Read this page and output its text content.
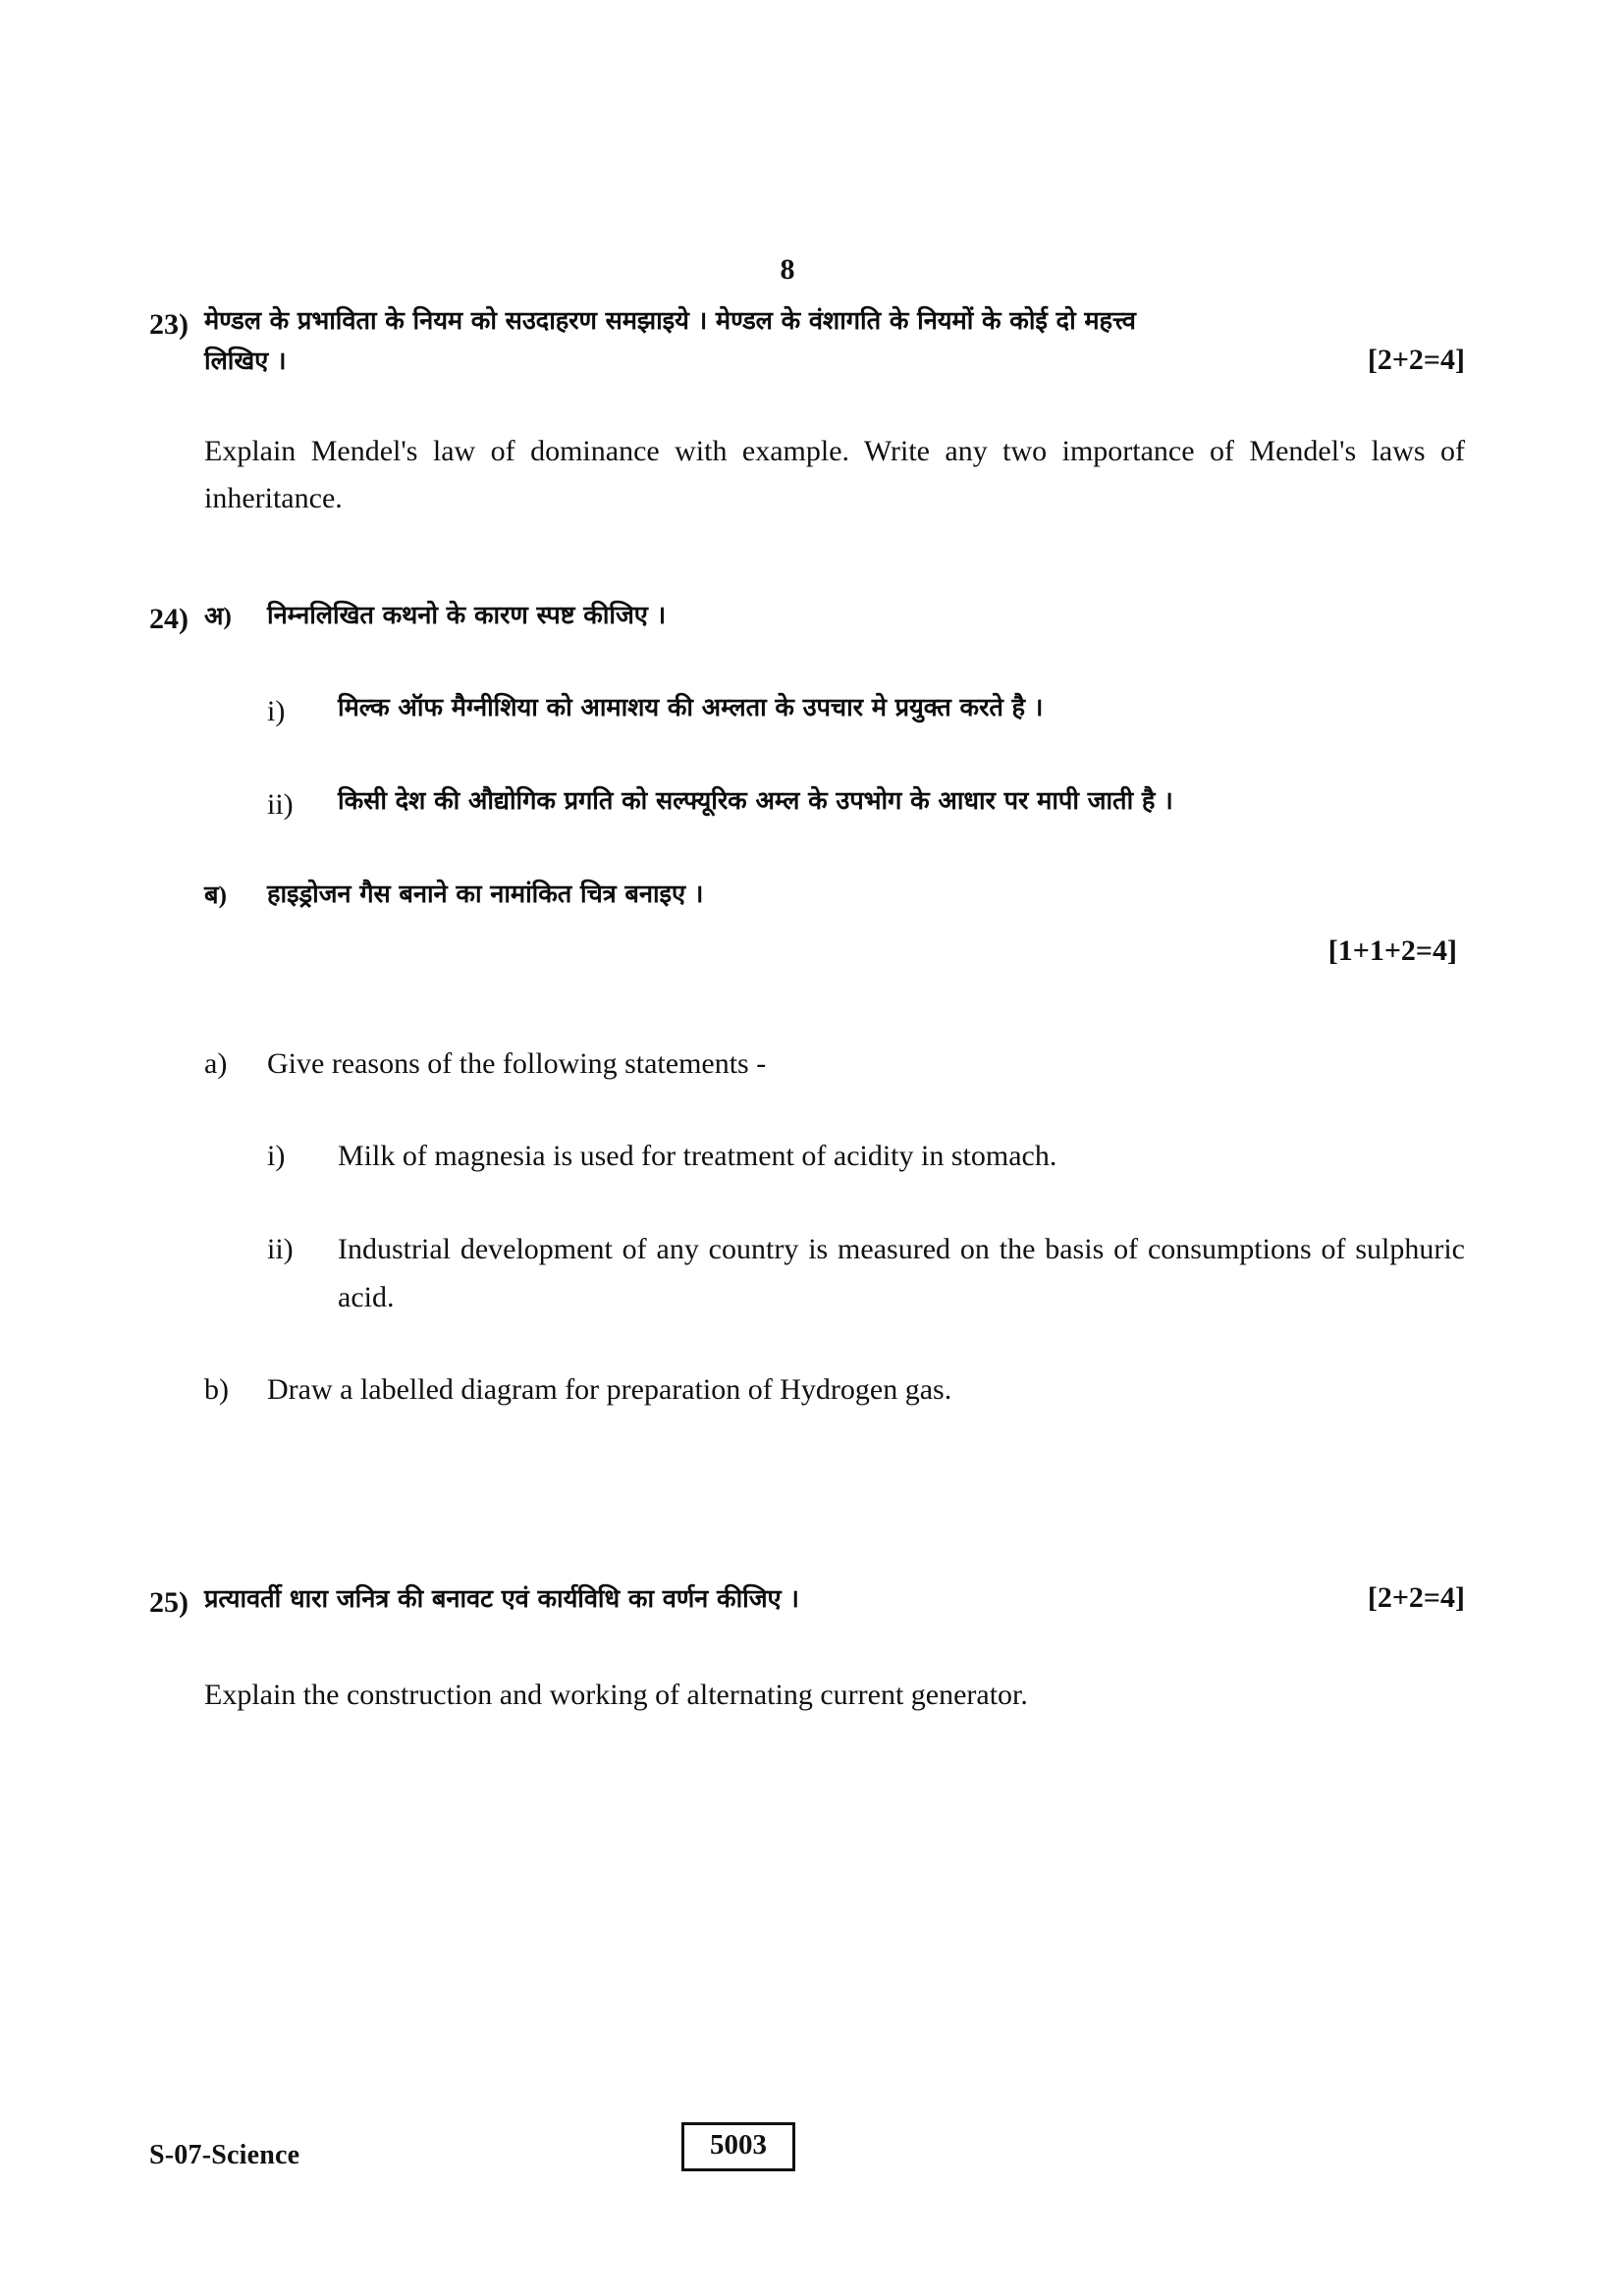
8
23) मेण्डल के प्रभाविता के नियम को सउदाहरण समझाइये । मेण्डल के वंशागति के नियमों के कोई दो महत्त्व
लिखिए ।	[2+2=4]
Explain Mendel's law of dominance with example. Write any two importance of Mendel's laws of inheritance.
24) अ)	निम्नलिखित कथनो के कारण स्पष्ट कीजिए ।
i)	मिल्क ऑफ मैग्नीशिया को आमाशय की अम्लता के उपचार मे प्रयुक्त करते है ।
ii)	किसी देश की औद्योगिक प्रगति को सल्फ्यूरिक अम्ल के उपभोग के आधार पर मापी जाती है ।
ब)	हाइड्रोजन गैस बनाने का नामांकित चित्र बनाइए ।
[1+1+2=4]
a)	Give reasons of the following statements -
i)	Milk of magnesia is used for treatment of acidity in stomach.
ii)	Industrial development of any country is measured on the basis of consumptions of sulphuric acid.
b)	Draw a labelled diagram for preparation of Hydrogen gas.
25) प्रत्यावर्ती धारा जनित्र की बनावट एवं कार्यविधि का वर्णन कीजिए ।	[2+2=4]
Explain the construction and working of alternating current generator.
S-07-Science	5003
